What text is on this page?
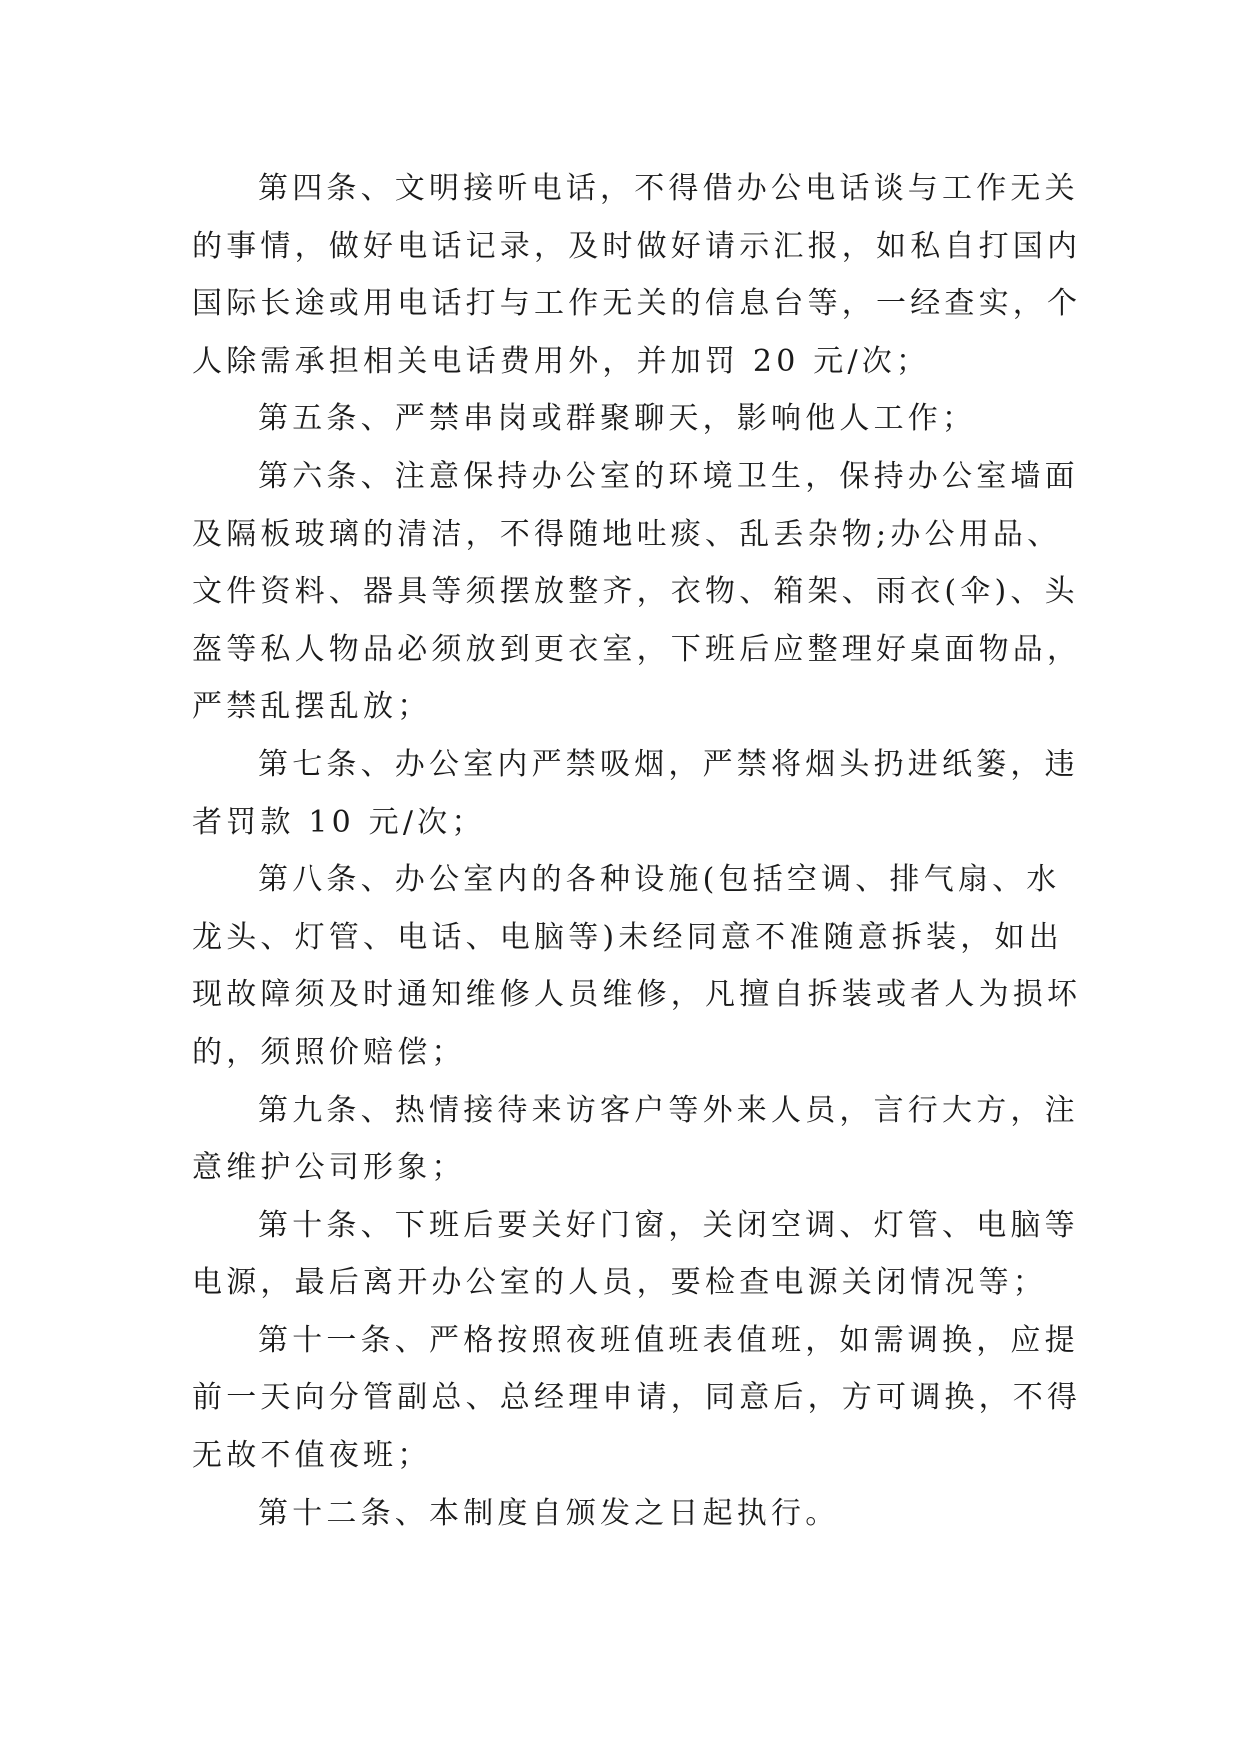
第四条、文明接听电话，不得借办公电话谈与工作无关
的事情，做好电话记录，及时做好请示汇报，如私自打国内
国际长途或用电话打与工作无关的信息台等，一经查实，个
人除需承担相关电话费用外，并加罚 20 元/次；
第五条、严禁串岗或群聚聊天，影响他人工作；
第六条、注意保持办公室的环境卫生，保持办公室墙面
及隔板玻璃的清洁，不得随地吐痰、乱丢杂物;办公用品、
文件资料、器具等须摆放整齐，衣物、箱架、雨衣(伞)、头
盔等私人物品必须放到更衣室，下班后应整理好桌面物品，
严禁乱摆乱放；
第七条、办公室内严禁吸烟，严禁将烟头扔进纸篓，违
者罚款 10 元/次；
第八条、办公室内的各种设施(包括空调、排气扇、水
龙头、灯管、电话、电脑等)未经同意不准随意拆装，如出
现故障须及时通知维修人员维修，凡擅自拆装或者人为损坏
的，须照价赔偿；
第九条、热情接待来访客户等外来人员，言行大方，注
意维护公司形象；
第十条、下班后要关好门窗，关闭空调、灯管、电脑等
电源，最后离开办公室的人员，要检查电源关闭情况等；
第十一条、严格按照夜班值班表值班，如需调换，应提
前一天向分管副总、总经理申请，同意后，方可调换，不得
无故不值夜班；
第十二条、本制度自颁发之日起执行。
